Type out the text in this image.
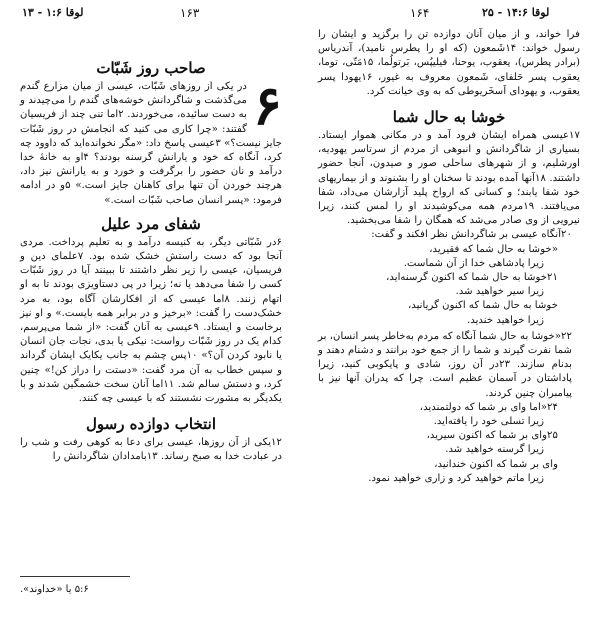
لوقا ۱:۶ - ۱۳	۱۶۳	۱۶۴	لوقا ۱۴:۶ - ۲۵
صاحب روز شَبّات

۶
در یکی از روزهای شَبّات، عیسی از میان مزارع گندم می‌گذشت و شاگردانش خوشه‌های گندم را می‌چیدند و به دست سائیده، می‌خوردند. ۲اما تنی چند از فریسیان گفتند: «چرا کاری می کنید که انجامش در روز شَبّات جایز نیست؟» ۳عیسی پاسخ داد: «مگر نخوانده‌اید که داوود چه کرد، آنگاه که خود و یارانش گرسنه بودند؟ ۴او به خانهٔ خدا درآمد و نان حضور را برگرفت و خورد و به یارانش نیز داد، هرچند خوردن آن تنها برای کاهنان جایز است.» ۵و در ادامه فرمود: «پسر انسان صاحب شَبّات است.»

شفای مرد علیل

۶در شَبّاتی دیگر، به کنیسه درآمد و به تعلیم پرداخت. مردی آنجا بود که دست راستش خشک شده بود. ۷علمای دین و فریسیان، عیسی را زیر نظر داشتند تا ببینند آیا در روز شَبّات کسی را شفا می‌دهد یا نه؛ زیرا در پی دستاویزی بودند تا به او اتهام زنند. ۸اما عیسی که از افکارشان آگاه بود، به مرد خشک‌دست را گفت: «برخیز و در برابر همه بایست.» و او نیز برخاست و ایستاد. ۹عیسی به آنان گفت: «از شما می‌پرسم، کدام یک در روز شَبّات رواست: نیکی یا بدی، نجات جان انسان یا نابود کردن آن؟» ۱۰پس چشم به جانب یکایک ایشان گرداند و سپس خطاب به آن مرد گفت: «دستت را دراز کن!» چنین کرد، و دستش سالم شد. ۱۱اما آنان سخت خشمگین شدند و با یکدیگر به مشورت نشستند که با عیسی چه کنند.

انتخاب دوازده رسول

۱۲یکی از آن روزها، عیسی برای دعا به کوهی رفت و شب را در عبادت خدا به صبح رساند. ۱۳بامدادان شاگردانش را

۵:۶ یا «خداوند».

فرا خواند، و از میان آنان دوازده تن را برگزید و ایشان را رسول خواند: ۱۴شَمعون (که او را پطرس نامید)، آندریاس (برادر پطرس)، یعقوب، یوحنا، فیلیپُس، بَرتولُما، ۱۵مَتّی، توما، یعقوب پسر حَلفای، شَمعون معروف به غیور، ۱۶یهودا پسر یعقوب، و یهودای اَسخَریوطی که به وی خیانت کرد.

خوشا به حال شما

۱۷عیسی همراه ایشان فرود آمد و در مکانی هموار ایستاد. بسیاری از شاگردانش و انبوهی از مردم از سرتاسر یهودیه، اورشلیم، و از شهرهای ساحلی صور و صیدون، آنجا حضور داشتند. ۱۸آنها آمده بودند تا سخنان او را بشنوند و از بیماریهای خود شفا یابند؛ و کسانی که ارواح پلید آزارشان می‌داد، شفا می‌یافتند. ۱۹مردم همه می‌کوشیدند او را لمس کنند، زیرا نیرویی از وی صادر می‌شد که همگان را شفا می‌بخشید.

۲۰آنگاه عیسی بر شاگردانش نظر افکند و گفت:

«خوشا به حال شما که فقیرید،

زیرا پادشاهی خدا از آن شماست.

۲۱خوشا به حال شما که اکنون گرسنه‌اید،

زیرا سیر خواهید شد.

خوشا به حال شما که اکنون گریانید،

زیرا خواهید خندید.

۲۲«خوشا به حال شما آنگاه که مردم به‌خاطر پسر انسان، بر شما نفرت گیرند و شما را از جمع خود برانند و دشنام دهند و بدنام سازند. ۲۳در آن روز، شادی و پایکوبی کنید، زیرا پاداشتان در آسمان عظیم است. چرا که پدران آنها نیز با پیامبران چنین کردند.

۲۴«اما وای بر شما که دولتمندید،

زیرا تسلی خود را یافته‌اید.

۲۵وای بر شما که اکنون سیرید،

زیرا گرسنه خواهید شد.

وای بر شما که اکنون خندانید،

زیرا ماتم خواهید کرد و زاری خواهید نمود.
